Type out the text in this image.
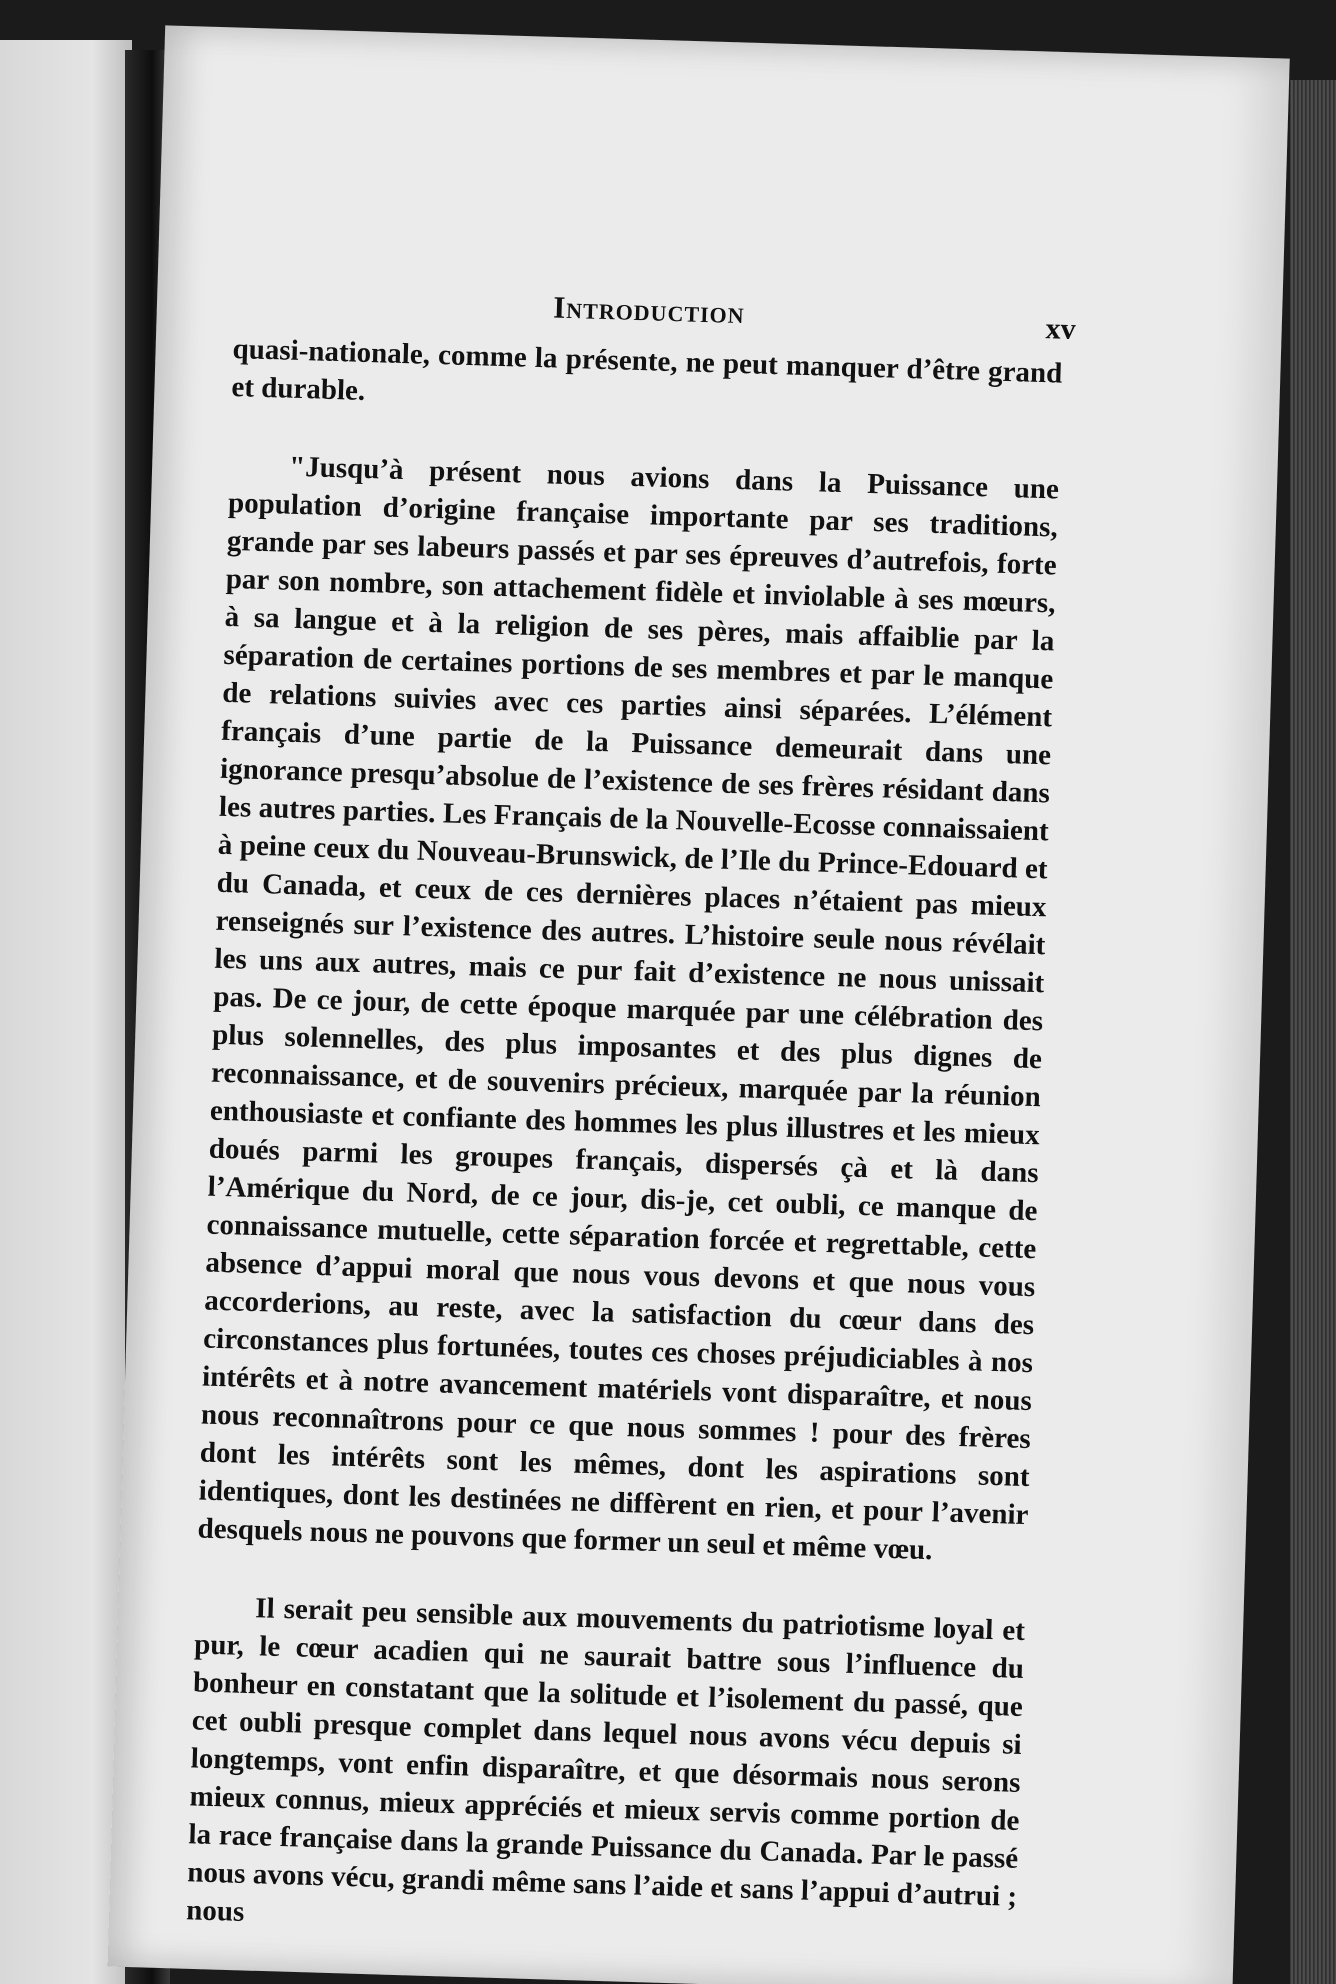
Introduction	xv

quasi-nationale, comme la présente, ne peut manquer d’être grand et durable.

"Jusqu’à présent nous avions dans la Puissance une population d’origine française importante par ses traditions, grande par ses labeurs passés et par ses épreuves d’autrefois, forte par son nombre, son attachement fidèle et inviolable à ses mœurs, à sa langue et à la religion de ses pères, mais affaiblie par la séparation de certaines portions de ses membres et par le manque de relations suivies avec ces parties ainsi séparées. L’élément français d’une partie de la Puissance demeurait dans une ignorance presqu’absolue de l’existence de ses frères résidant dans les autres parties. Les Français de la Nouvelle-Ecosse connaissaient à peine ceux du Nouveau-Brunswick, de l’Ile du Prince-Edouard et du Canada, et ceux de ces dernières places n’étaient pas mieux renseignés sur l’existence des autres. L’histoire seule nous révélait les uns aux autres, mais ce pur fait d’existence ne nous unissait pas. De ce jour, de cette époque marquée par une célébration des plus solennelles, des plus imposantes et des plus dignes de reconnaissance, et de souvenirs précieux, marquée par la réunion enthousiaste et confiante des hommes les plus illustres et les mieux doués parmi les groupes français, dispersés çà et là dans l’Amérique du Nord, de ce jour, dis-je, cet oubli, ce manque de connaissance mutuelle, cette séparation forcée et regrettable, cette absence d’appui moral que nous vous devons et que nous vous accorderions, au reste, avec la satisfaction du cœur dans des circonstances plus fortunées, toutes ces choses préjudiciables à nos intérêts et à notre avancement matériels vont disparaître, et nous nous reconnaîtrons pour ce que nous sommes ! pour des frères dont les intérêts sont les mêmes, dont les aspirations sont identiques, dont les destinées ne diffèrent en rien, et pour l’avenir desquels nous ne pouvons que former un seul et même vœu.

Il serait peu sensible aux mouvements du patriotisme loyal et pur, le cœur acadien qui ne saurait battre sous l’influence du bonheur en constatant que la solitude et l’isolement du passé, que cet oubli presque complet dans lequel nous avons vécu depuis si longtemps, vont enfin disparaître, et que désormais nous serons mieux connus, mieux appréciés et mieux servis comme portion de la race française dans la grande Puissance du Canada. Par le passé nous avons vécu, grandi même sans l’aide et sans l’appui d’autrui ; nous
